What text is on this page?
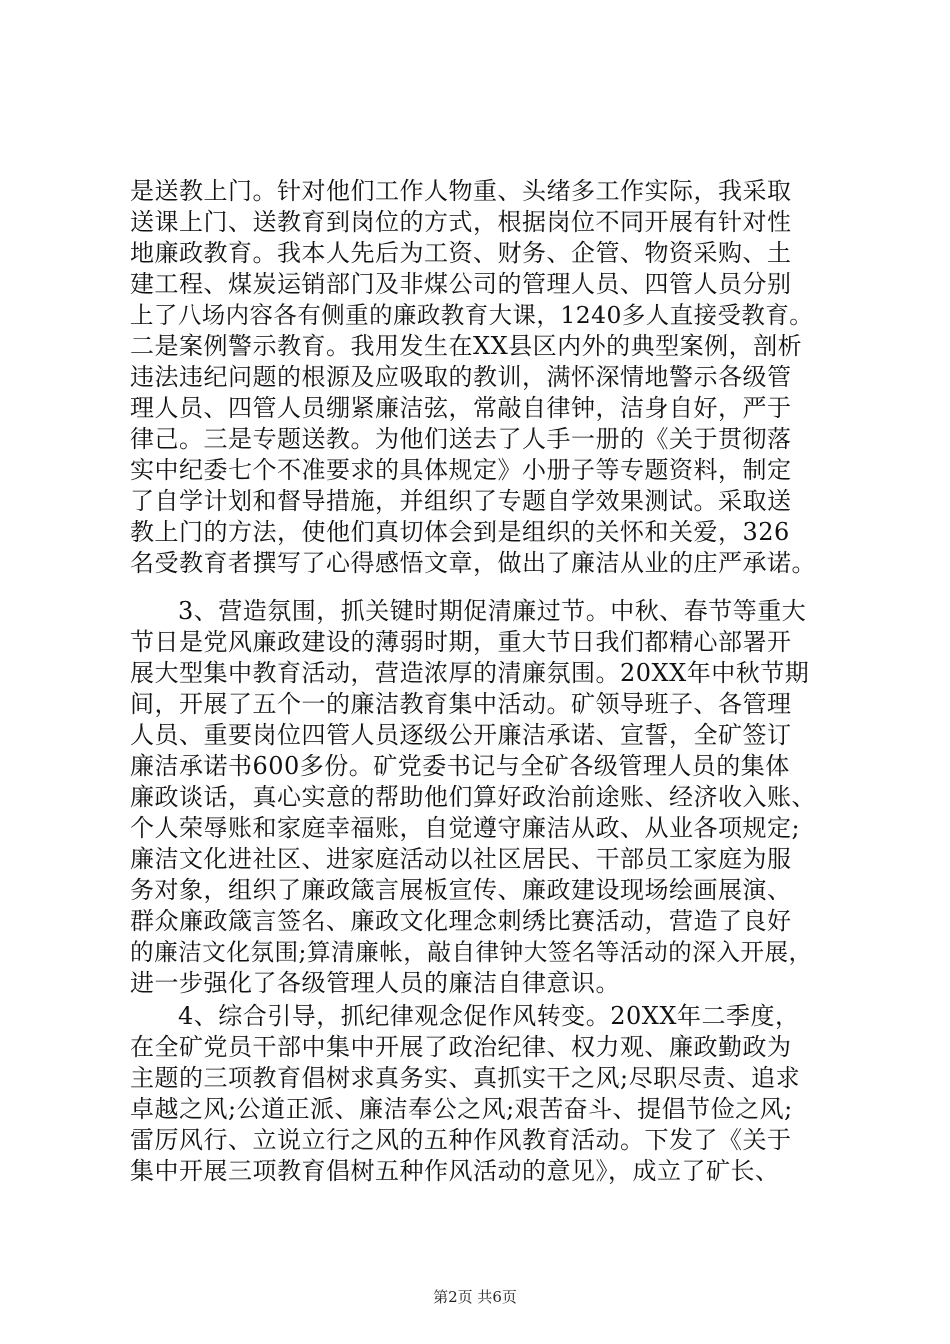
是送教上门。针对他们工作人物重、头绪多工作实际，我采取
送课上门、送教育到岗位的方式，根据岗位不同开展有针对性
地廉政教育。我本人先后为工资、财务、企管、物资采购、土
建工程、煤炭运销部门及非煤公司的管理人员、四管人员分别
上了八场内容各有侧重的廉政教育大课，1240多人直接受教育。
二是案例警示教育。我用发生在XX县区内外的典型案例，剖析
违法违纪问题的根源及应吸取的教训，满怀深情地警示各级管
理人员、四管人员绷紧廉洁弦，常敲自律钟，洁身自好，严于
律己。三是专题送教。为他们送去了人手一册的《关于贯彻落
实中纪委七个不准要求的具体规定》小册子等专题资料，制定
了自学计划和督导措施，并组织了专题自学效果测试。采取送
教上门的方法，使他们真切体会到是组织的关怀和关爱，326
名受教育者撰写了心得感悟文章，做出了廉洁从业的庄严承诺。
3、营造氛围，抓关键时期促清廉过节。中秋、春节等重大
节日是党风廉政建设的薄弱时期，重大节日我们都精心部署开
展大型集中教育活动，营造浓厚的清廉氛围。20XX年中秋节期
间，开展了五个一的廉洁教育集中活动。矿领导班子、各管理
人员、重要岗位四管人员逐级公开廉洁承诺、宣誓，全矿签订
廉洁承诺书600多份。矿党委书记与全矿各级管理人员的集体
廉政谈话，真心实意的帮助他们算好政治前途账、经济收入账、
个人荣辱账和家庭幸福账，自觉遵守廉洁从政、从业各项规定;
廉洁文化进社区、进家庭活动以社区居民、干部员工家庭为服
务对象，组织了廉政箴言展板宣传、廉政建设现场绘画展演、
群众廉政箴言签名、廉政文化理念刺绣比赛活动，营造了良好
的廉洁文化氛围;算清廉帐，敲自律钟大签名等活动的深入开展，
进一步强化了各级管理人员的廉洁自律意识。
4、综合引导，抓纪律观念促作风转变。20XX年二季度，
在全矿党员干部中集中开展了政治纪律、权力观、廉政勤政为
主题的三项教育倡树求真务实、真抓实干之风;尽职尽责、追求
卓越之风;公道正派、廉洁奉公之风;艰苦奋斗、提倡节俭之风;
雷厉风行、立说立行之风的五种作风教育活动。下发了《关于
集中开展三项教育倡树五种作风活动的意见》，成立了矿长、
第2页 共6页
